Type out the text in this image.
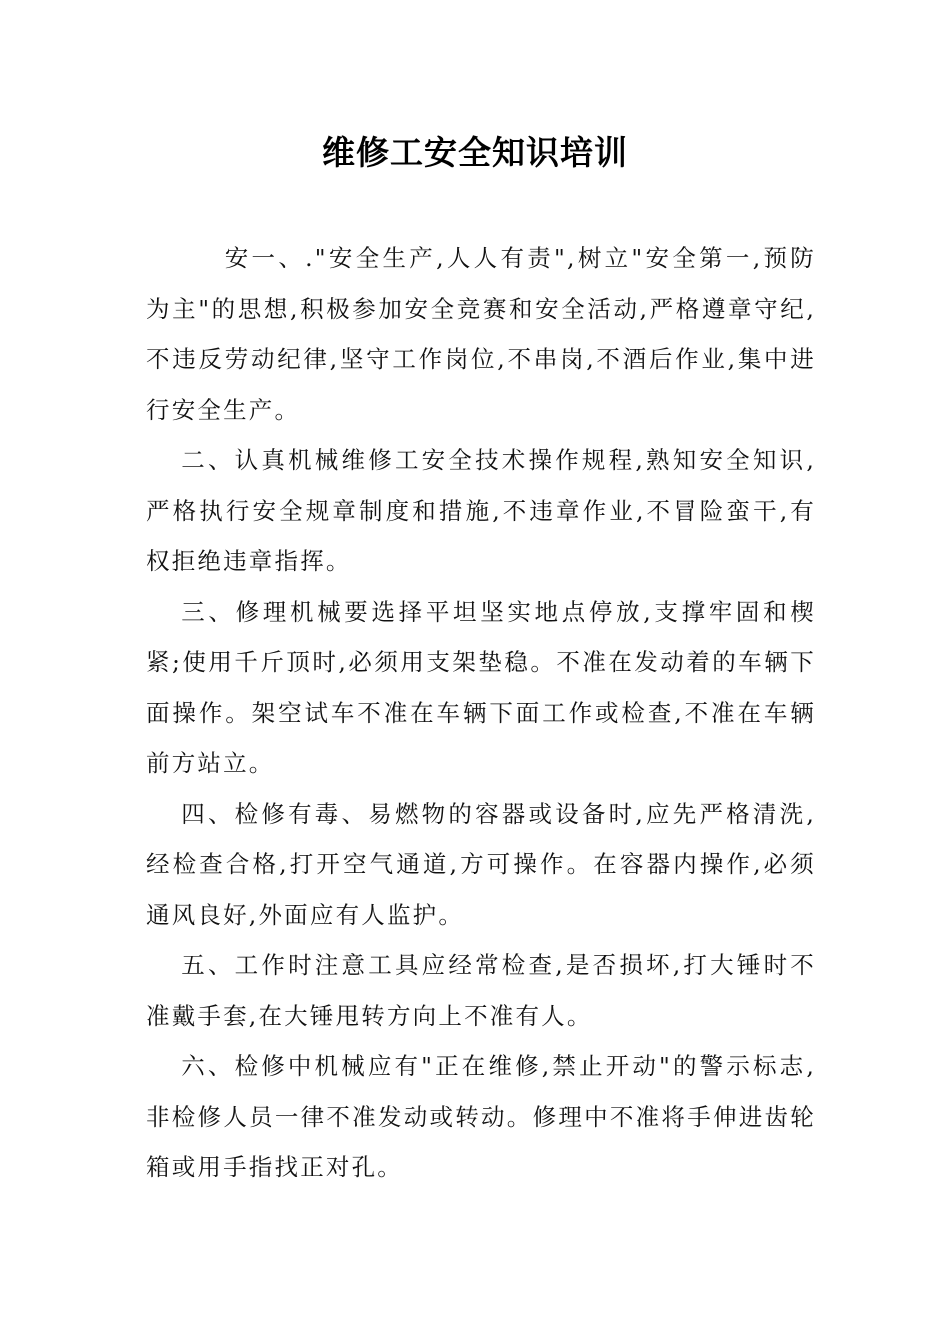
维修工安全知识培训

安一、."安全生产,人人有责",树立"安全第一,预防为主"的思想,积极参加安全竞赛和安全活动,严格遵章守纪,不违反劳动纪律,坚守工作岗位,不串岗,不酒后作业,集中进行安全生产。

二、认真机械维修工安全技术操作规程,熟知安全知识,严格执行安全规章制度和措施,不违章作业,不冒险蛮干,有权拒绝违章指挥。

三、修理机械要选择平坦坚实地点停放,支撑牢固和楔紧;使用千斤顶时,必须用支架垫稳。不准在发动着的车辆下面操作。架空试车不准在车辆下面工作或检查,不准在车辆前方站立。

四、检修有毒、易燃物的容器或设备时,应先严格清洗,经检查合格,打开空气通道,方可操作。在容器内操作,必须通风良好,外面应有人监护。

五、工作时注意工具应经常检查,是否损坏,打大锤时不准戴手套,在大锤甩转方向上不准有人。

六、检修中机械应有"正在维修,禁止开动"的警示标志,非检修人员一律不准发动或转动。修理中不准将手伸进齿轮箱或用手指找正对孔。
